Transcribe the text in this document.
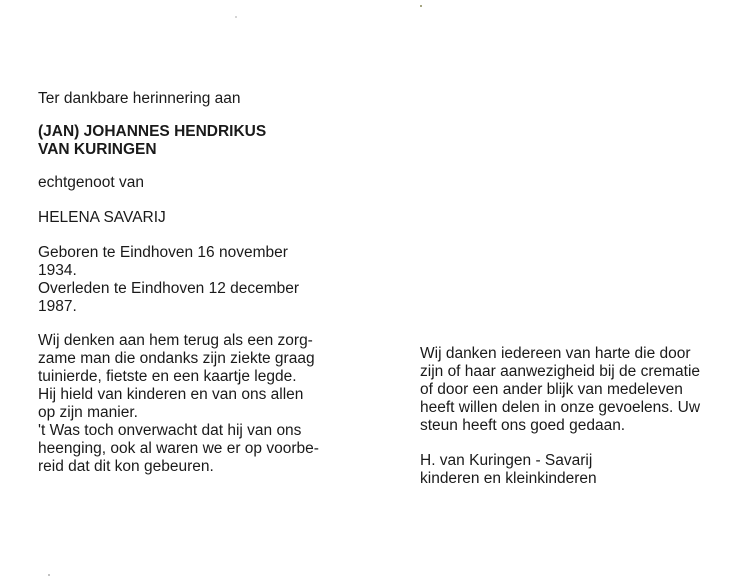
Ter dankbare herinnering aan

(JAN) JOHANNES HENDRIKUS

VAN KURINGEN

echtgenoot van

HELENA SAVARIJ

Geboren te Eindhoven 16 november
1934.

Overleden te Eindhoven 12 december
1987.

Wij denken aan hem terug als een zorg-
zame man die ondanks zijn ziekte graag
tuinierde, fietste en een kaartje legde.
Hij hield van kinderen en van ons allen
op zijn manier.
't Was toch onverwacht dat hij van ons
heenging, ook al waren we er op voorbe-
reid dat dit kon gebeuren.

Wij danken iedereen van harte die door
zijn of haar aanwezigheid bij de crematie
of door een ander blijk van medeleven
heeft willen delen in onze gevoelens. Uw
steun heeft ons goed gedaan.

H. van Kuringen - Savarij

kinderen en kleinkinderen
